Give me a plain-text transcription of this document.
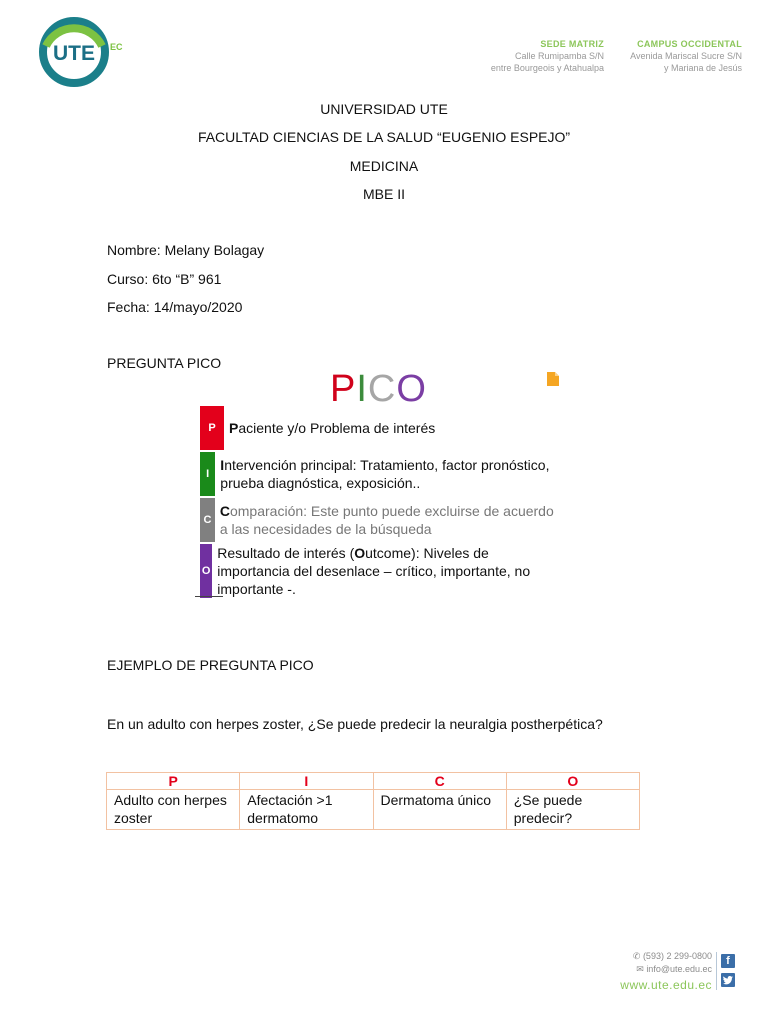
UTE EC	SEDE MATRIZ
Calle Rumipamba S/N
entre Bourgeois y Atahualpa
CAMPUS OCCIDENTAL
Avenida Mariscal Sucre S/N
y Mariana de Jesús
UNIVERSIDAD UTE
FACULTAD CIENCIAS DE LA SALUD “EUGENIO ESPEJO”
MEDICINA
MBE II
Nombre: Melany Bolagay
Curso: 6to “B” 961
Fecha: 14/mayo/2020
PREGUNTA PICO
PICO
P Paciente y/o Problema de interés
I
Intervención principal: Tratamiento, factor pronóstico, prueba diagnóstica, exposición..
C
Comparación: Este punto puede excluirse de acuerdo a las necesidades de la búsqueda
O
Resultado de interés (Outcome): Niveles de importancia del desenlace – crítico, importante, no importante -.
EJEMPLO DE PREGUNTA PICO
En un adulto con herpes zoster, ¿Se puede predecir la neuralgia postherpética?
P	I	C	O
Adulto con herpes zoster	Afectación >1 dermatomo	Dermatoma único	¿Se puede predecir?
✆ (593) 2 299-0800
✉ info@ute.edu.ec
www.ute.edu.ec
f
